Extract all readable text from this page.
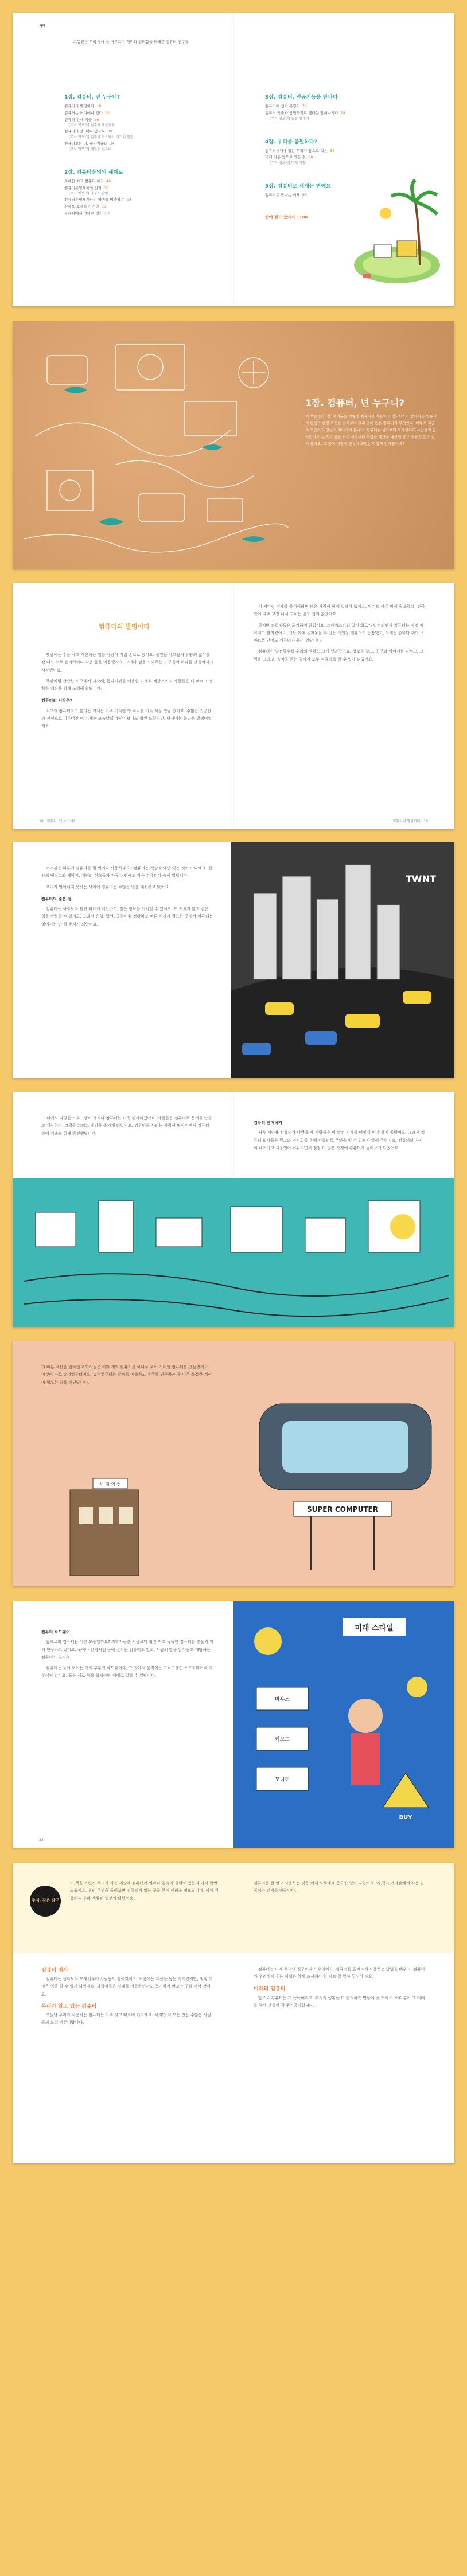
차례

그동안은 우리 곁에 늘 머무르며 재미와 편리함을 더해준 컴퓨터 친구들

1장. 컴퓨터, 넌 누구니?
컴퓨터의 발명이다 18
컴퓨터는 어디에나 있다 22
컴퓨터 판매 기술 26
[주식 엿보기] 컴퓨터 계산기술
컴퓨터의 앞, 머나 앞으로 30
[주식 엿보기] 컴퓨터 하드웨어 기기의 발전
컴퓨터보다 더, 슈퍼컴퓨터 34
[주식 엿보기] 개인용 컴퓨터
2장. 컴퓨터운영의 세계로
초예산 최고 컴퓨터 하기 46
컴퓨터운영체제의 진화 50
[주식 엿보기] 마우스 발명
컴퓨터운영체계단의 하면을 배출하는 54
감자를 소재로 가져라 58
클래쉬에서 하나로 진화 62
3장. 컴퓨터, 인공지능을 만나다
컴퓨터에 생각 문형이 70
컴퓨터 기술과 인연하기로 했다는 앞서나가다 74
[주식 엿보기] 뉴럴 컴퓨터
4장. 우리를 응원하다?
컴퓨터세계에 있는 우리가 앞으로 적은 84
미래 자동 앞으로 만든 것 88
[주식 엿보기] 미래 기술
5장. 컴퓨터로 세계는 변해요
컴퓨터로 만나는 세계 96
산에 걸고 있어서 · 108
1장. 컴퓨터, 넌 누구니?

이 책을 읽기 전, 여러분은 어떻게 컴퓨터를 사용하고 있나요? 이 장에서는 컴퓨터의 탄생과 발전 과정을 살펴보며 우리 곁에 있는 컴퓨터가 무엇인지, 어떻게 지금의 모습이 되었는지 이야기해 봅니다. 컴퓨터는 생각보다 오래전부터 사람들의 꿈이었어요. 손으로 셈을 하던 시절부터 복잡한 계산을 대신해 줄 기계를 만들고 싶어 했지요. 그 꿈이 어떻게 현실이 되었는지 함께 알아볼까요?

컴퓨터의 발명이다

옛날에는 수를 세고 계산하는 일을 사람이 직접 손으로 했어요. 물건을 사고팔거나 땅의 넓이를 잴 때도 모두 손가락이나 작은 돌을 이용했지요. 그러다 셈을 도와주는 도구들이 하나둘 만들어지기 시작했어요.

주판처럼 간단한 도구에서 시작해, 톱니바퀴를 이용한 기계식 계산기까지 사람들은 더 빠르고 정확한 계산을 위해 노력해 왔답니다.

컴퓨터의 시작은?

최초의 컴퓨터라고 불리는 기계는 아주 커다란 방 하나를 가득 채울 만큼 컸어요. 수많은 진공관과 전선으로 이루어진 이 기계는 오늘날의 계산기보다도 훨씬 느렸지만, 당시에는 놀라운 발명이었지요.

이 커다란 기계를 움직이려면 많은 사람이 함께 일해야 했어요. 전기도 아주 많이 필요했고, 진공관이 자주 고장 나서 고치는 일도 쉽지 않았어요.

하지만 과학자들은 포기하지 않았어요. 트랜지스터와 집적 회로가 발명되면서 컴퓨터는 점점 작아지고 빨라졌어요. 책상 위에 올려놓을 수 있는 개인용 컴퓨터가 등장했고, 이제는 손바닥 위의 스마트폰 안에도 컴퓨터가 들어 있답니다.

컴퓨터가 발전할수록 우리의 생활도 크게 달라졌어요. 정보를 찾고, 친구와 이야기를 나누고, 그림을 그리고, 음악을 듣는 일까지 모두 컴퓨터로 할 수 있게 되었지요.

18 · 컴퓨터, 넌 누구니?	컴퓨터의 발명이다 · 19

여러분은 하루에 컴퓨터를 몇 번이나 사용하나요? 컴퓨터는 책상 위에만 있는 것이 아니에요. 집 안의 냉장고와 세탁기, 거리의 신호등과 자동차 안에도 작은 컴퓨터가 숨어 있답니다.

우리가 알아채지 못하는 사이에 컴퓨터는 수많은 일을 대신하고 있어요.

컴퓨터의 좋은 점

컴퓨터는 사람보다 훨씬 빠르게 계산하고, 많은 정보를 기억할 수 있어요. 또 지치지 않고 같은 일을 반복할 수 있지요. 그래서 은행, 병원, 공항처럼 정확하고 빠른 처리가 필요한 곳에서 컴퓨터는 없어서는 안 될 존재가 되었어요.

TWNT

그 뒤에도 다양한 프로그램이 생겨나 컴퓨터는 더욱 편리해졌어요. 사람들은 컴퓨터로 문서를 만들고 계산하며, 그림을 그리고 게임을 즐기게 되었지요. 컴퓨터를 사려는 사람이 많아지면서 컴퓨터 판매 기술도 함께 발전했답니다.

컴퓨터 판매하기

처음 개인용 컴퓨터가 나왔을 때 사람들은 이 낯선 기계를 어떻게 써야 할지 몰랐어요. 그래서 컴퓨터 회사들은 광고와 전시회를 통해 컴퓨터로 무엇을 할 수 있는지 알려 주었지요. 컴퓨터의 가격이 내려가고 사용법이 쉬워지면서 점점 더 많은 가정에 컴퓨터가 들어오게 되었어요.

더 빠른 계산을 원하던 과학자들은 여러 개의 컴퓨터를 하나로 묶어 거대한 컴퓨터를 만들었어요. 이것이 바로 슈퍼컴퓨터예요. 슈퍼컴퓨터는 날씨를 예측하고 우주를 연구하는 등 아주 복잡한 계산이 필요한 일을 해낸답니다.

세 대 의 컴
SUPER COMPUTER
컴퓨터 하드웨어

앞으로의 컴퓨터는 어떤 모습일까요? 과학자들은 지금보다 훨씬 작고 똑똑한 컴퓨터를 만들기 위해 연구하고 있어요. 옷이나 안경처럼 몸에 걸치는 컴퓨터도 있고, 사람의 말을 알아듣고 대답하는 컴퓨터도 있지요.

컴퓨터는 눈에 보이는 기계 부분인 하드웨어와, 그 안에서 움직이는 프로그램인 소프트웨어로 이루어져 있어요. 둘은 서로 힘을 합쳐야만 제대로 일할 수 있답니다.

22
미래 스타일
마우스
키보드
모니터
BUY
주제, 깊은 탐구

이 책을 쓰면서 우리가 사는 세상에 컴퓨터가 얼마나 깊숙이 들어와 있는지 다시 한번 느꼈어요. 우리 주변을 둘러보면 컴퓨터가 없는 곳을 찾기 어려울 정도랍니다. 이제 컴퓨터는 우리 생활의 일부가 되었지요.

컴퓨터를 잘 알고 사용하는 것은 이제 모두에게 중요한 일이 되었어요. 이 책이 여러분에게 작은 길잡이가 되기를 바랍니다.

컴퓨터 역사

컴퓨터는 생각보다 오래전부터 사람들의 꿈이었어요. 처음에는 계산을 돕는 기계였지만, 점점 더 많은 일을 할 수 있게 되었지요. 과학자들은 실패를 거듭하면서도 포기하지 않고 연구를 이어 갔어요.

우리가 알고 있는 컴퓨터

오늘날 우리가 사용하는 컴퓨터는 아주 작고 빠르며 편리해요. 하지만 이 모든 것은 수많은 사람들의 노력 덕분이랍니다.

컴퓨터는 이제 우리의 친구이자 도우미예요. 컴퓨터를 올바르게 사용하는 방법을 배우고, 컴퓨터가 우리에게 주는 혜택과 함께 조심해야 할 점도 잘 알아 두어야 해요.

미래의 컴퓨터

앞으로 컴퓨터는 더 똑똑해지고, 우리의 생활을 더 편리하게 만들어 줄 거예요. 여러분이 그 미래를 함께 만들어 갈 주인공이랍니다.
